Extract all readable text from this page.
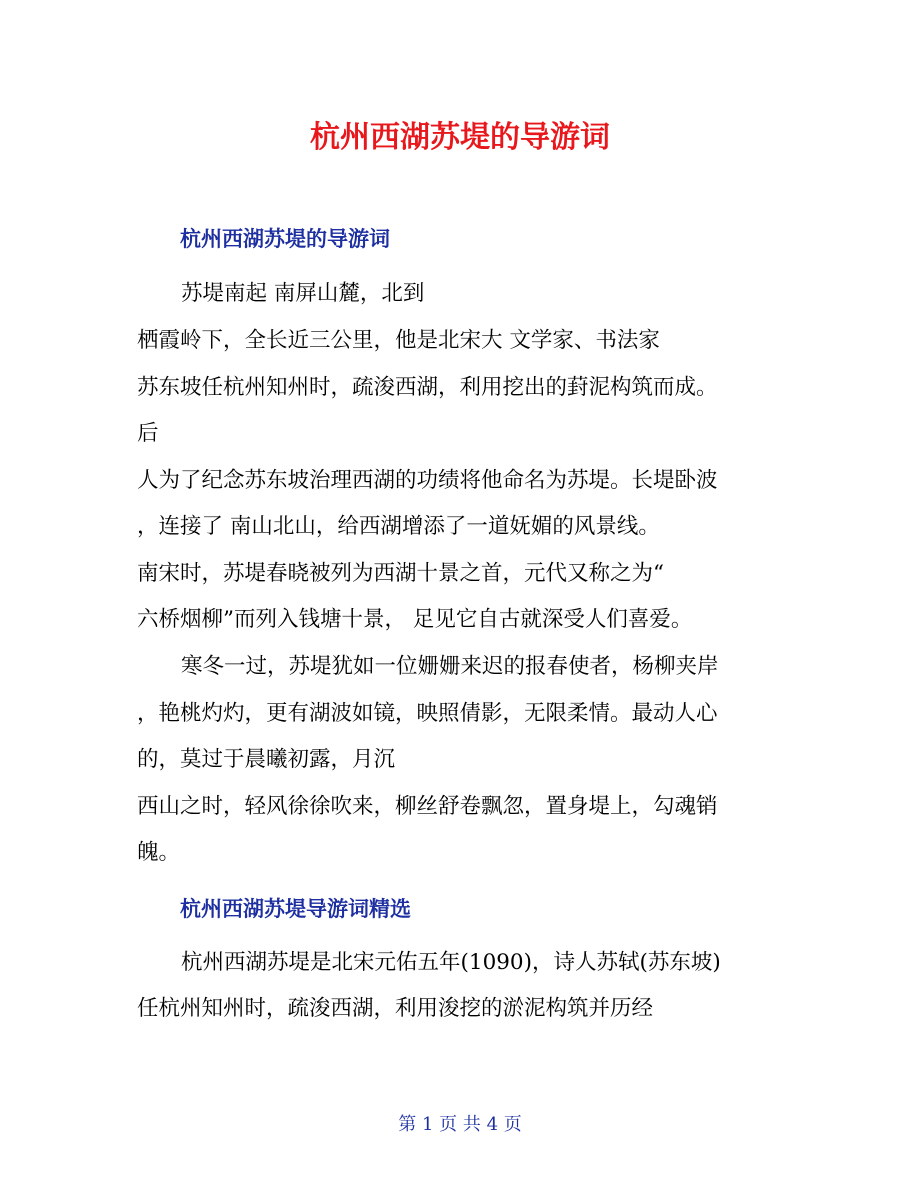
杭州西湖苏堤的导游词
杭州西湖苏堤的导游词

苏堤南起 南屏山麓，北到

栖霞岭下，全长近三公里，他是北宋大 文学家、书法家

苏东坡任杭州知州时，疏浚西湖，利用挖出的葑泥构筑而成。

后

人为了纪念苏东坡治理西湖的功绩将他命名为苏堤。长堤卧波

，连接了 南山北山，给西湖增添了一道妩媚的风景线。

南宋时，苏堤春晓被列为西湖十景之首，元代又称之为“

六桥烟柳”而列入钱塘十景， 足见它自古就深受人们喜爱。

寒冬一过，苏堤犹如一位姗姗来迟的报春使者，杨柳夹岸

，艳桃灼灼，更有湖波如镜，映照倩影，无限柔情。最动人心

的，莫过于晨曦初露，月沉

西山之时，轻风徐徐吹来，柳丝舒卷飘忽，置身堤上，勾魂销

魄。

杭州西湖苏堤导游词精选

杭州西湖苏堤是北宋元佑五年(1090)，诗人苏轼(苏东坡)

任杭州知州时，疏浚西湖，利用浚挖的淤泥构筑并历经

第 1 页 共 4 页
